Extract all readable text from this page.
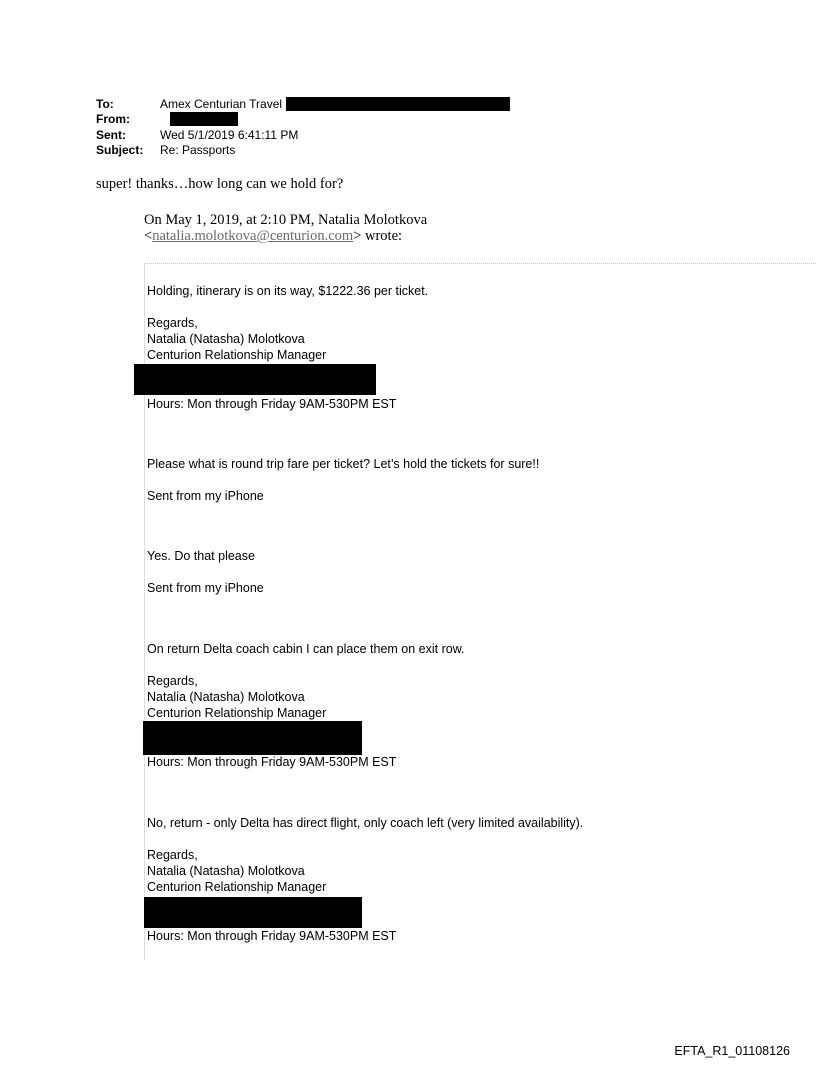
To:	Amex Centurian Travel
From:
Sent:	Wed 5/1/2019 6:41:11 PM
Subject: Re: Passports
super! thanks…how long can we hold for?
On May 1, 2019, at 2:10 PM, Natalia Molotkova
<natalia.molotkova@centurion.com> wrote:
Holding, itinerary is on its way, $1222.36 per ticket.
Regards,
Natalia (Natasha) Molotkova
Centurion Relationship Manager
Hours: Mon through Friday 9AM-530PM EST
Please what is round trip fare per ticket? Let’s hold the tickets for sure!!
Sent from my iPhone
Yes. Do that please
Sent from my iPhone
On return Delta coach cabin I can place them on exit row.
Regards,
Natalia (Natasha) Molotkova
Centurion Relationship Manager
Hours: Mon through Friday 9AM-530PM EST
No, return - only Delta has direct flight, only coach left (very limited availability).
Regards,
Natalia (Natasha) Molotkova
Centurion Relationship Manager
Hours: Mon through Friday 9AM-530PM EST
EFTA_R1_01108126
